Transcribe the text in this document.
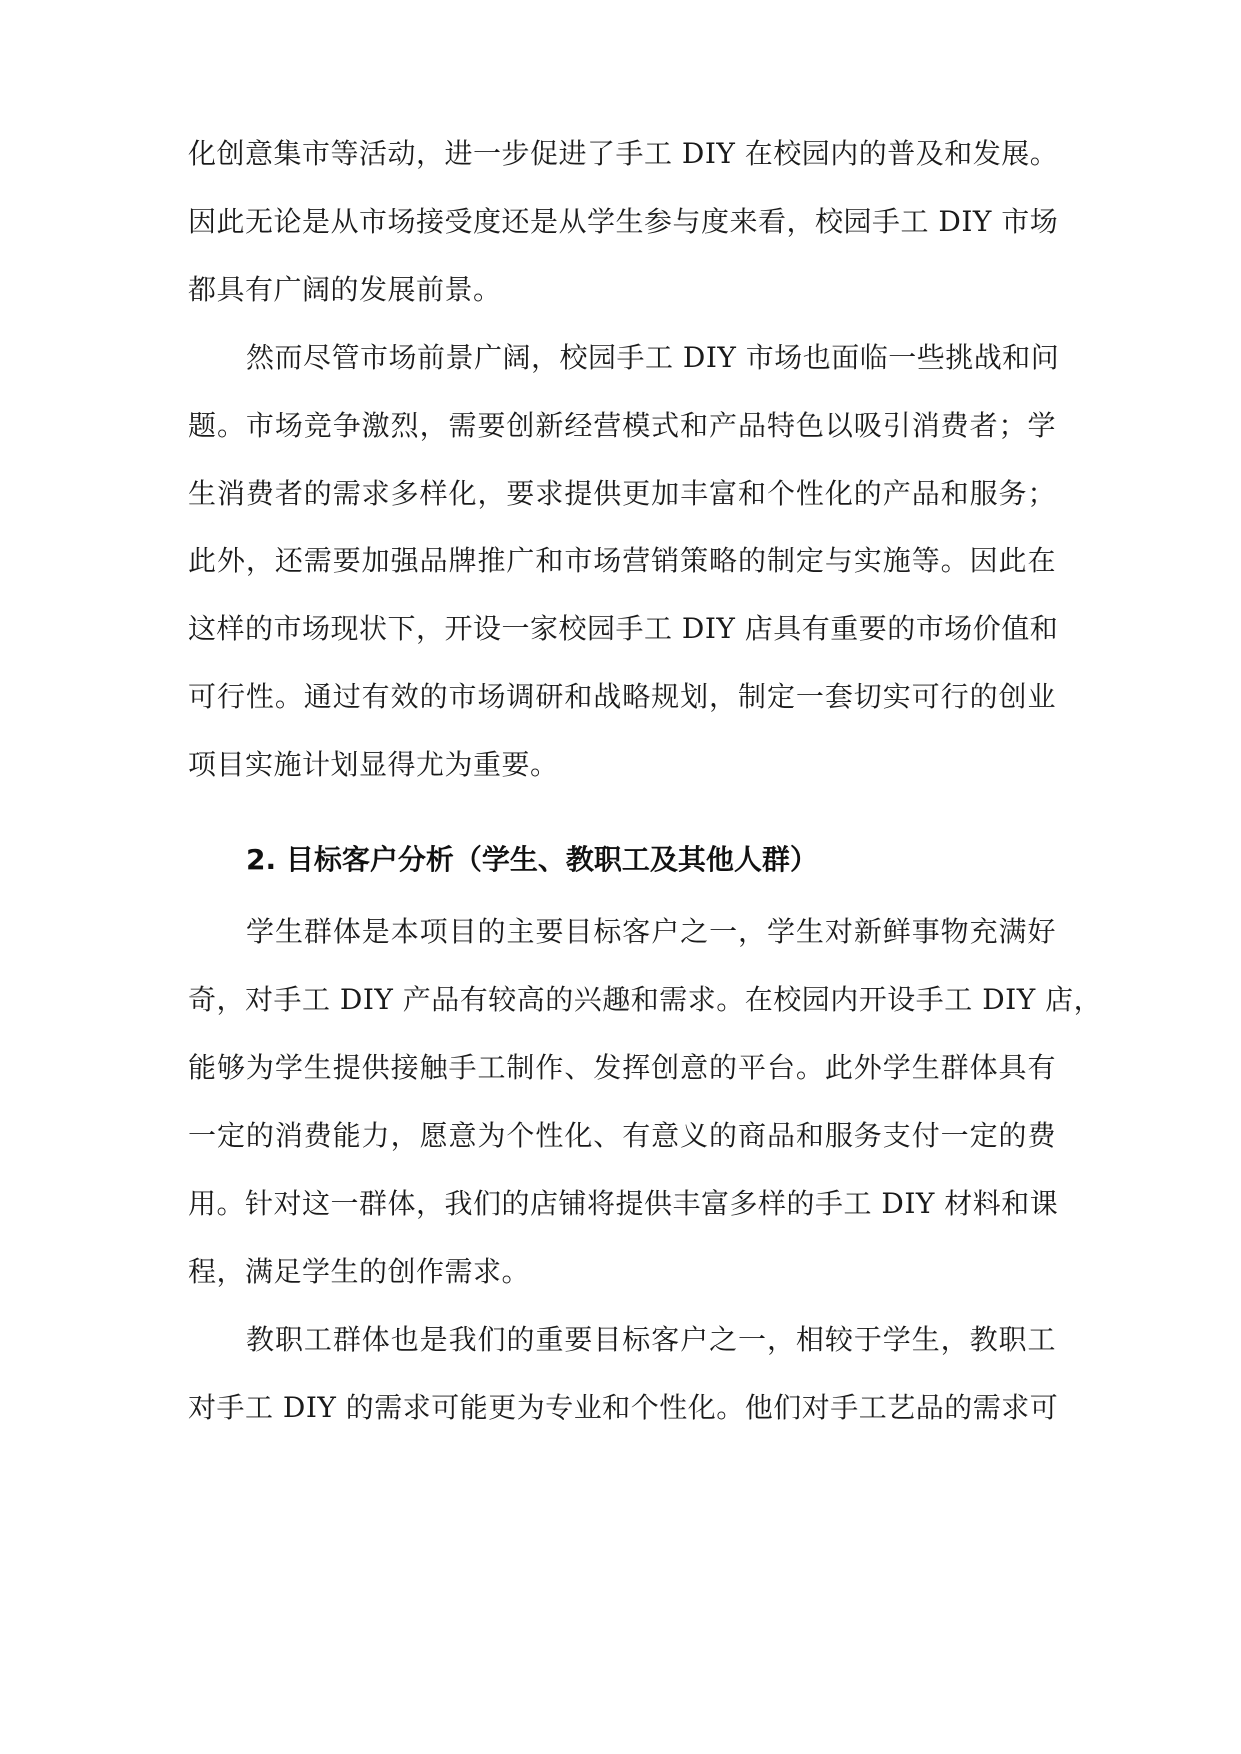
化创意集市等活动，进一步促进了手工 DIY 在校园内的普及和发展。
因此无论是从市场接受度还是从学生参与度来看，校园手工 DIY 市场
都具有广阔的发展前景。
然而尽管市场前景广阔，校园手工 DIY 市场也面临一些挑战和问
题。市场竞争激烈，需要创新经营模式和产品特色以吸引消费者；学
生消费者的需求多样化，要求提供更加丰富和个性化的产品和服务；
此外，还需要加强品牌推广和市场营销策略的制定与实施等。因此在
这样的市场现状下，开设一家校园手工 DIY 店具有重要的市场价值和
可行性。通过有效的市场调研和战略规划，制定一套切实可行的创业
项目实施计划显得尤为重要。
2. 目标客户分析（学生、教职工及其他人群）
学生群体是本项目的主要目标客户之一，学生对新鲜事物充满好
奇，对手工 DIY 产品有较高的兴趣和需求。在校园内开设手工 DIY 店，
能够为学生提供接触手工制作、发挥创意的平台。此外学生群体具有
一定的消费能力，愿意为个性化、有意义的商品和服务支付一定的费
用。针对这一群体，我们的店铺将提供丰富多样的手工 DIY 材料和课
程，满足学生的创作需求。
教职工群体也是我们的重要目标客户之一，相较于学生，教职工
对手工 DIY 的需求可能更为专业和个性化。他们对手工艺品的需求可
